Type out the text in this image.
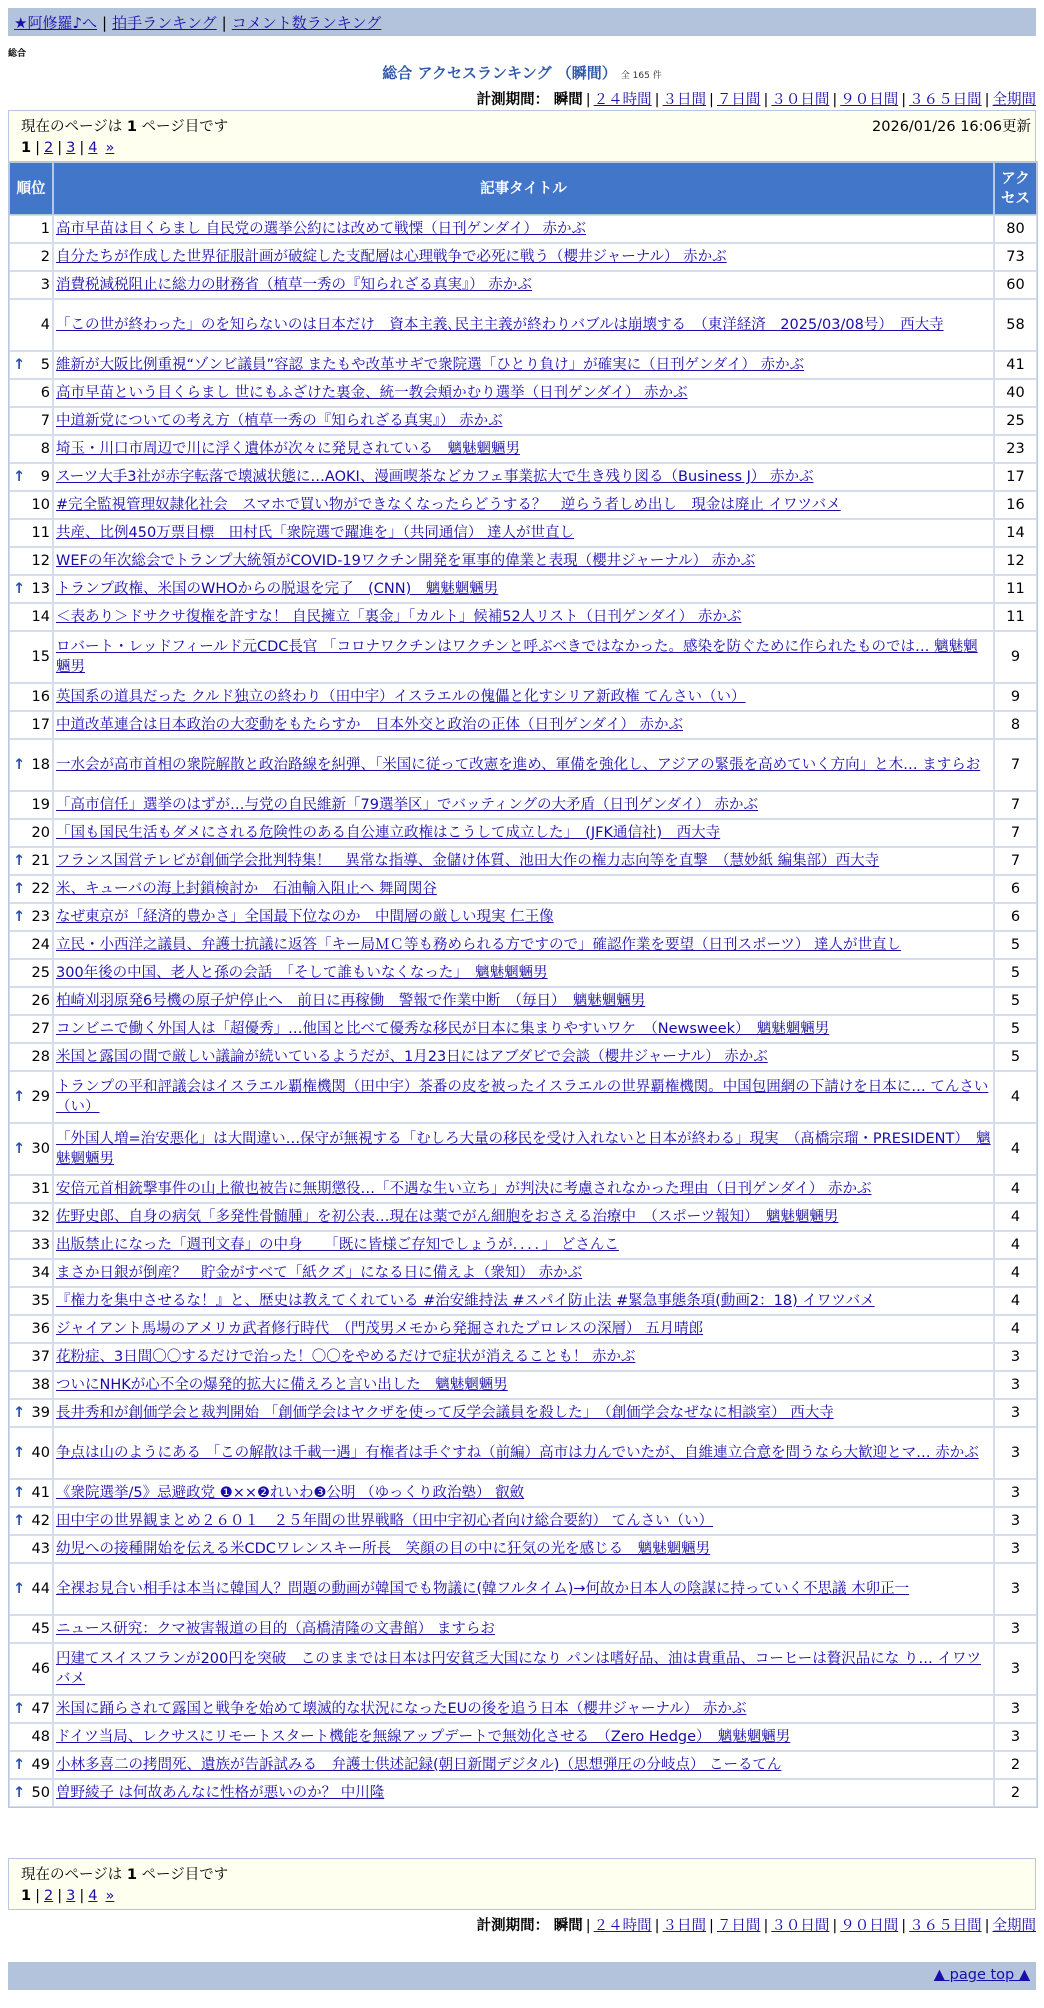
★阿修羅♪へ | 拍手ランキング | コメント数ランキング
総合
総合 アクセスランキング （瞬間） 全 165 件
計測期間： 瞬間 | ２４時間 | ３日間 | ７日間 | ３０日間 | ９０日間 | ３６５日間 | 全期間
現在のページは 1 ページ目です	2026/01/26 16:06更新
1 | 2 | 3 | 4 »
順位	記事タイトル	アクセス
1	高市早苗は目くらまし 自民党の選挙公約には改めて戦慄（日刊ゲンダイ） 赤かぶ	80
2	自分たちが作成した世界征服計画が破綻した支配層は心理戦争で必死に戦う（櫻井ジャーナル） 赤かぶ	73
3	消費税減税阻止に総力の財務省（植草一秀の『知られざる真実』） 赤かぶ	60
4	「この世が終わった」のを知らないのは日本だけ　資本主義､民主主義が終わりバブルは崩壊する　（東洋経済　2025/03/08号）　西大寺	58

↑ 5	維新が大阪比例重視“ゾンビ議員”容認 またもや改革サギで衆院選「ひとり負け」が確実に（日刊ゲンダイ） 赤かぶ	41
6	高市早苗という目くらまし 世にもふざけた裏金、統一教会頬かむり選挙（日刊ゲンダイ） 赤かぶ	40
7	中道新党についての考え方（植草一秀の『知られざる真実』） 赤かぶ	25
8	埼玉・川口市周辺で川に浮く遺体が次々に発見されている　魑魅魍魎男	23

↑ 9	スーツ大手3社が赤字転落で壊滅状態に…AOKI、漫画喫茶などカフェ事業拡大で生き残り図る（Business J） 赤かぶ	17
10	#完全監視管理奴隷化社会　スマホで買い物ができなくなったらどうする？　逆らう者しめ出し　現金は廃止 イワツバメ	16
11	共産、比例450万票目標　田村氏「衆院選で躍進を」（共同通信） 達人が世直し	14
12	WEFの年次総会でトランプ大統領がCOVID-19ワクチン開発を軍事的偉業と表現（櫻井ジャーナル） 赤かぶ	12

↑ 13	トランプ政権、米国のWHOからの脱退を完了　(CNN)　魑魅魍魎男	11
14	＜表あり＞ドサクサ復権を許すな！ 自民擁立「裏金」「カルト」候補52人リスト（日刊ゲンダイ） 赤かぶ	11
15	ロバート・レッドフィールド元CDC長官 「コロナワクチンはワクチンと呼ぶべきではなかった。感染を防ぐために作られたものでは… 魑魅魍魎男	9
16	英国系の道具だった クルド独立の終わり（田中宇）イスラエルの傀儡と化すシリア新政権 てんさい（い）	9
17	中道改革連合は日本政治の大変動をもたらすか　日本外交と政治の正体（日刊ゲンダイ） 赤かぶ	8

↑ 18	一水会が高市首相の衆院解散と政治路線を糾弾、「米国に従って改憲を進め、軍備を強化し、アジアの緊張を高めていく方向」と木… ますらお	7
19	「高市信任」選挙のはずが…与党の自民維新「79選挙区」でバッティングの大矛盾（日刊ゲンダイ） 赤かぶ	7
20	「国も国民生活もダメにされる危険性のある自公連立政権はこうして成立した」　(JFK通信社)　西大寺	7

↑ 21	フランス国営テレビが創価学会批判特集！　異常な指導、金儲け体質、池田大作の権力志向等を直撃　（慧妙紙 編集部）西大寺	7

↑ 22	米、キューバの海上封鎖検討か　石油輸入阻止へ 舞岡関谷	6

↑ 23	なぜ東京が「経済的豊かさ」全国最下位なのか　中間層の厳しい現実 仁王像	6
24	立民・小西洋之議員、弁護士抗議に返答「キー局ＭＣ等も務められる方ですので」確認作業を要望（日刊スポーツ） 達人が世直し	5
25	300年後の中国、老人と孫の会話　「そして誰もいなくなった」　魑魅魍魎男	5
26	柏崎刈羽原発6号機の原子炉停止へ　前日に再稼働　警報で作業中断　（毎日）　魑魅魍魎男	5
27	コンビニで働く外国人は「超優秀」…他国と比べて優秀な移民が日本に集まりやすいワケ　（Newsweek）　魑魅魍魎男	5
28	米国と露国の間で厳しい議論が続いているようだが、1月23日にはアブダビで会談（櫻井ジャーナル） 赤かぶ	5

↑ 29	トランプの平和評議会はイスラエル覇権機関（田中宇）茶番の皮を被ったイスラエルの世界覇権機関。中国包囲網の下請けを日本に… てんさい（い）	4

↑ 30	「外国人増=治安悪化」は大間違い…保守が無視する「むしろ大量の移民を受け入れないと日本が終わる」現実　（髙橋宗瑠・PRESIDENT）　魑魅魍魎男	4
31	安倍元首相銃撃事件の山上徹也被告に無期懲役…「不遇な生い立ち」が判決に考慮されなかった理由（日刊ゲンダイ） 赤かぶ	4
32	佐野史郎、自身の病気「多発性骨髄腫」を初公表…現在は薬でがん細胞をおさえる治療中　（スポーツ報知）　魑魅魍魎男	4
33	出版禁止になった「週刊文春」の中身　　「既に皆様ご存知でしょうが．．．．」 どさんこ	4
34	まさか日銀が倒産？　貯金がすべて「紙クズ」になる日に備えよ（衆知） 赤かぶ	4
35	『権力を集中させるな！』と、歴史は教えてくれている #治安維持法 #スパイ防止法 #緊急事態条項(動画2：18) イワツバメ	4
36	ジャイアント馬場のアメリカ武者修行時代　（門茂男メモから発掘されたプロレスの深層） 五月晴郎	4
37	花粉症、3日間〇〇するだけで治った！〇〇をやめるだけで症状が消えることも！ 赤かぶ	3
38	ついにNHKが心不全の爆発的拡大に備えろと言い出した　魑魅魍魎男	3

↑ 39	長井秀和が創価学会と裁判開始 「創価学会はヤクザを使って反学会議員を殺した」　（創価学会なぜなに相談室） 西大寺	3

↑ 40	争点は山のようにある 「この解散は千載一遇」有権者は手ぐすね（前編）高市は力んでいたが、自維連立合意を問うなら大歓迎とマ… 赤かぶ	3

↑ 41	《衆院選挙/5》忌避政党 ❶××❷れいわ❸公明 （ゆっくり政治塾） 叡斂	3

↑ 42	田中宇の世界観まとめ２６０１　２５年間の世界戦略（田中宇初心者向け総合要約） てんさい（い）	3
43	幼児への接種開始を伝える米CDCワレンスキー所長　笑顔の目の中に狂気の光を感じる　魑魅魍魎男	3

↑ 44	全裸お見合い相手は本当に韓国人？問題の動画が韓国でも物議に(韓フルタイム)→何故か日本人の陰謀に持っていく不思議 木卯正一	3
45	ニュース研究：クマ被害報道の目的（高橋清隆の文書館） ますらお	3
46	円建てスイスフランが200円を突破　このままでは日本は円安貧乏大国になり パンは嗜好品、油は貴重品、コーヒーは贅沢品にな り… イワツバメ	3

↑ 47	米国に踊らされて露国と戦争を始めて壊滅的な状況になったEUの後を追う日本（櫻井ジャーナル） 赤かぶ	3
48	ドイツ当局、レクサスにリモートスタート機能を無線アップデートで無効化させる　（Zero Hedge）　魑魅魍魎男	3

↑ 49	小林多喜二の拷問死、遺族が告訴試みる　弁護士供述記録(朝日新聞デジタル)（思想弾圧の分岐点） こーるてん	2

↑ 50	曽野綾子 は何故あんなに性格が悪いのか？ 中川隆	2
現在のページは 1 ページ目です
1 | 2 | 3 | 4 »
計測期間： 瞬間 | ２４時間 | ３日間 | ７日間 | ３０日間 | ９０日間 | ３６５日間 | 全期間
▲ page top ▲
